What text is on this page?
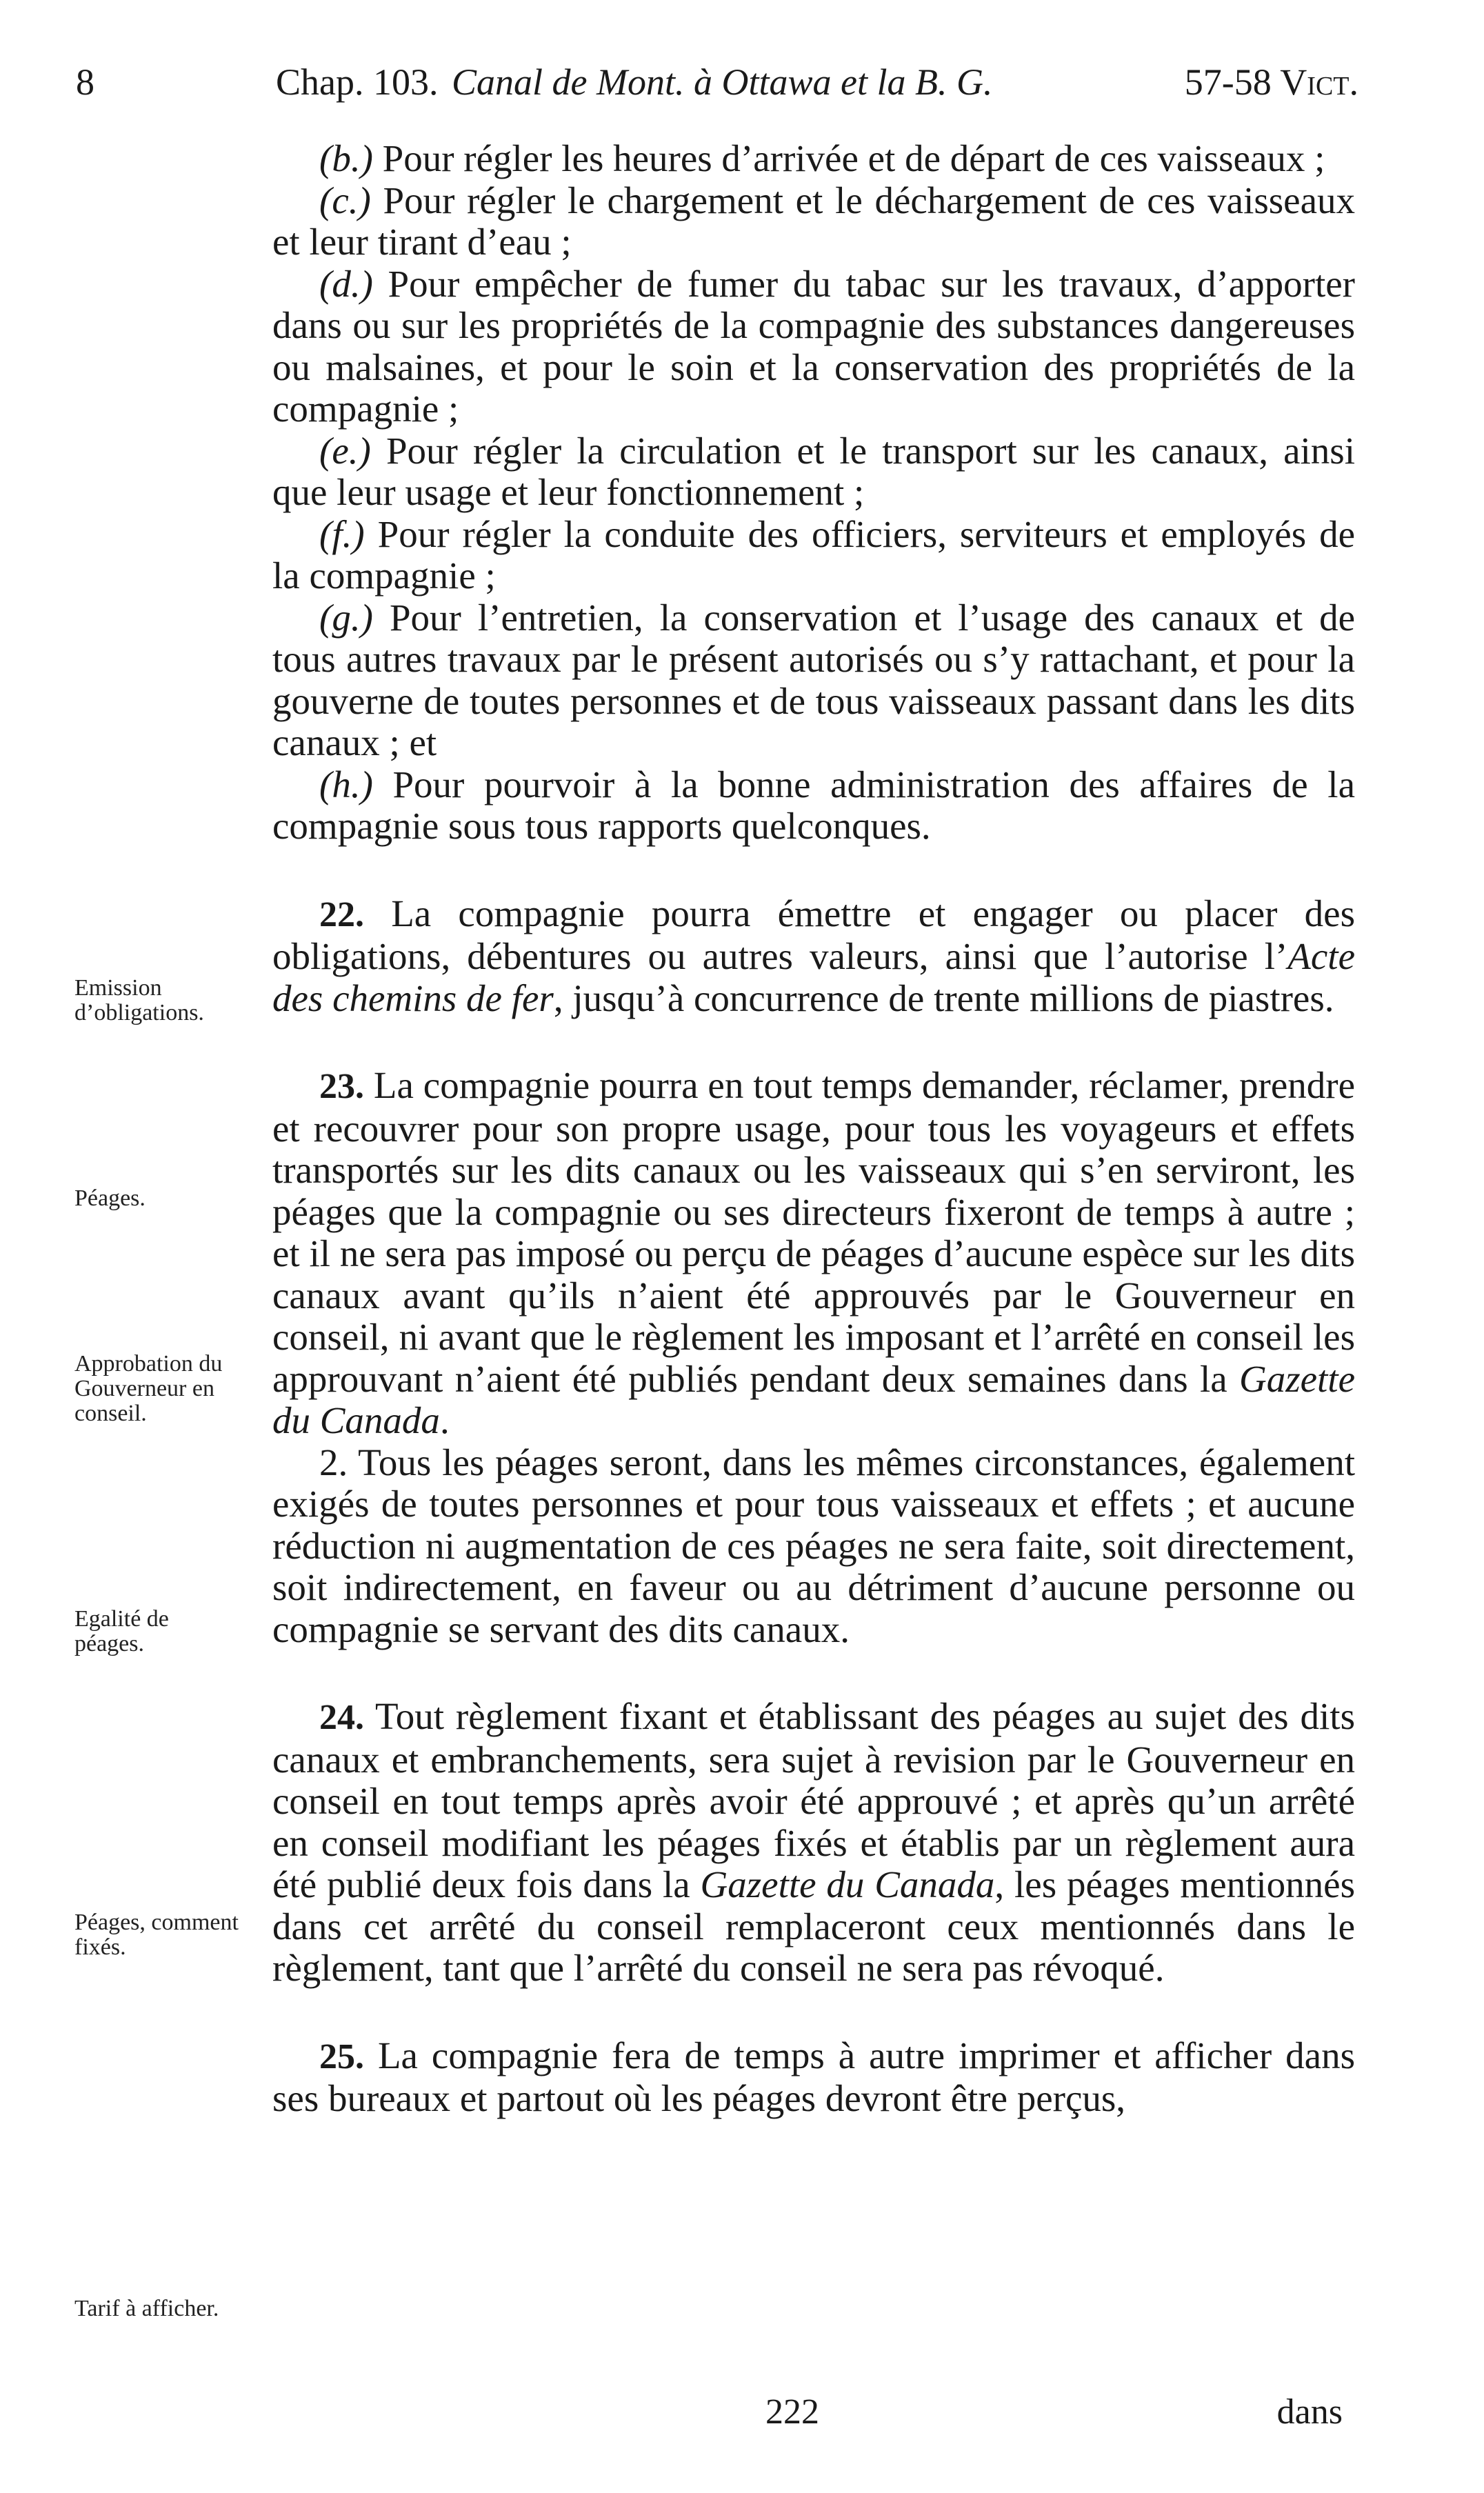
8	Chap. 103. Canal de Mont. à Ottawa et la B. G.	57-58 Vict.
Emission d’obligations.
Péages.
Approbation du Gouverneur en conseil.
Egalité de péages.
Péages, comment fixés.
Tarif à afficher.

(b.) Pour régler les heures d’arrivée et de départ de ces vaisseaux ;

(c.) Pour régler le chargement et le déchargement de ces vaisseaux et leur tirant d’eau ;

(d.) Pour empêcher de fumer du tabac sur les travaux, d’apporter dans ou sur les propriétés de la compagnie des substances dangereuses ou malsaines, et pour le soin et la conservation des propriétés de la compagnie ;

(e.) Pour régler la circulation et le transport sur les canaux, ainsi que leur usage et leur fonctionnement ;

(f.) Pour régler la conduite des officiers, serviteurs et employés de la compagnie ;

(g.) Pour l’entretien, la conservation et l’usage des canaux et de tous autres travaux par le présent autorisés ou s’y rattachant, et pour la gouverne de toutes personnes et de tous vaisseaux passant dans les dits canaux ; et

(h.) Pour pourvoir à la bonne administration des affaires de la compagnie sous tous rapports quelconques.

22. La compagnie pourra émettre et engager ou placer des obligations, débentures ou autres valeurs, ainsi que l’autorise l’Acte des chemins de fer, jusqu’à concurrence de trente millions de piastres.

23. La compagnie pourra en tout temps demander, réclamer, prendre et recouvrer pour son propre usage, pour tous les voyageurs et effets transportés sur les dits canaux ou les vaisseaux qui s’en serviront, les péages que la compagnie ou ses directeurs fixeront de temps à autre ; et il ne sera pas imposé ou perçu de péages d’aucune espèce sur les dits canaux avant qu’ils n’aient été approuvés par le Gouverneur en conseil, ni avant que le règlement les imposant et l’arrêté en conseil les approuvant n’aient été publiés pendant deux semaines dans la Gazette du Canada.

2. Tous les péages seront, dans les mêmes circonstances, également exigés de toutes personnes et pour tous vaisseaux et effets ; et aucune réduction ni augmentation de ces péages ne sera faite, soit directement, soit indirectement, en faveur ou au détriment d’aucune personne ou compagnie se servant des dits canaux.

24. Tout règlement fixant et établissant des péages au sujet des dits canaux et embranchements, sera sujet à revision par le Gouverneur en conseil en tout temps après avoir été approuvé ; et après qu’un arrêté en conseil modifiant les péages fixés et établis par un règlement aura été publié deux fois dans la Gazette du Canada, les péages mentionnés dans cet arrêté du conseil remplaceront ceux mentionnés dans le règlement, tant que l’arrêté du conseil ne sera pas révoqué.

25. La compagnie fera de temps à autre imprimer et afficher dans ses bureaux et partout où les péages devront être perçus,

222	dans
